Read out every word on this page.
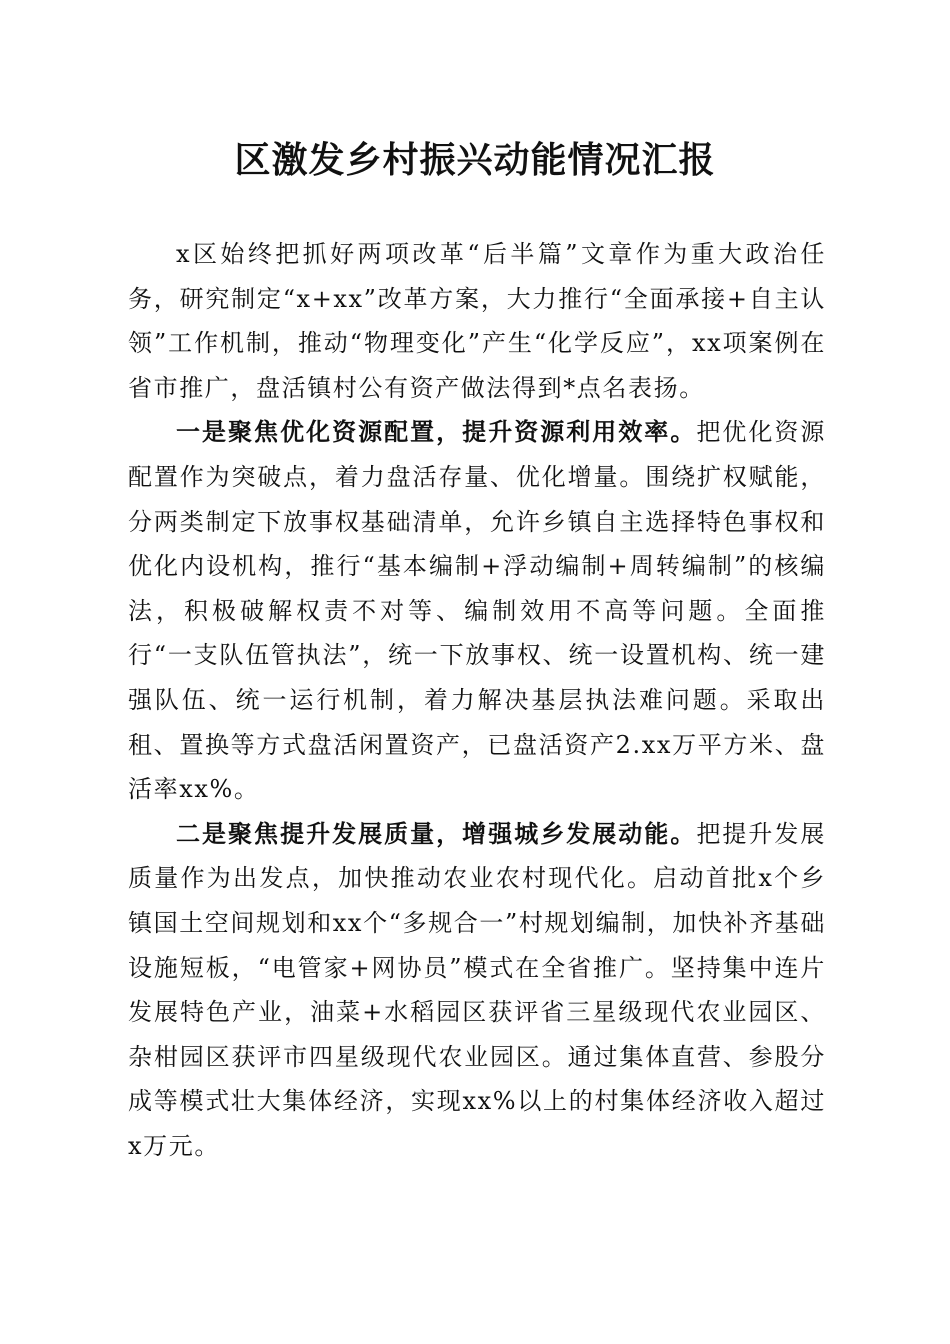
区激发乡村振兴动能情况汇报

x区始终把抓好两项改革“后半篇”文章作为重大政治任务，研究制定“x+xx”改革方案，大力推行“全面承接+自主认领”工作机制，推动“物理变化”产生“化学反应”，xx项案例在省市推广，盘活镇村公有资产做法得到*点名表扬。

一是聚焦优化资源配置，提升资源利用效率。把优化资源配置作为突破点，着力盘活存量、优化增量。围绕扩权赋能，分两类制定下放事权基础清单，允许乡镇自主选择特色事权和优化内设机构，推行“基本编制+浮动编制+周转编制”的核编法，积极破解权责不对等、编制效用不高等问题。全面推行“一支队伍管执法”，统一下放事权、统一设置机构、统一建强队伍、统一运行机制，着力解决基层执法难问题。采取出租、置换等方式盘活闲置资产，已盘活资产2.xx万平方米、盘活率xx%。

二是聚焦提升发展质量，增强城乡发展动能。把提升发展质量作为出发点，加快推动农业农村现代化。启动首批x个乡镇国土空间规划和xx个“多规合一”村规划编制，加快补齐基础设施短板，“电管家+网协员”模式在全省推广。坚持集中连片发展特色产业，油菜+水稻园区获评省三星级现代农业园区、杂柑园区获评市四星级现代农业园区。通过集体直营、参股分成等模式壮大集体经济，实现xx%以上的村集体经济收入超过x万元。
